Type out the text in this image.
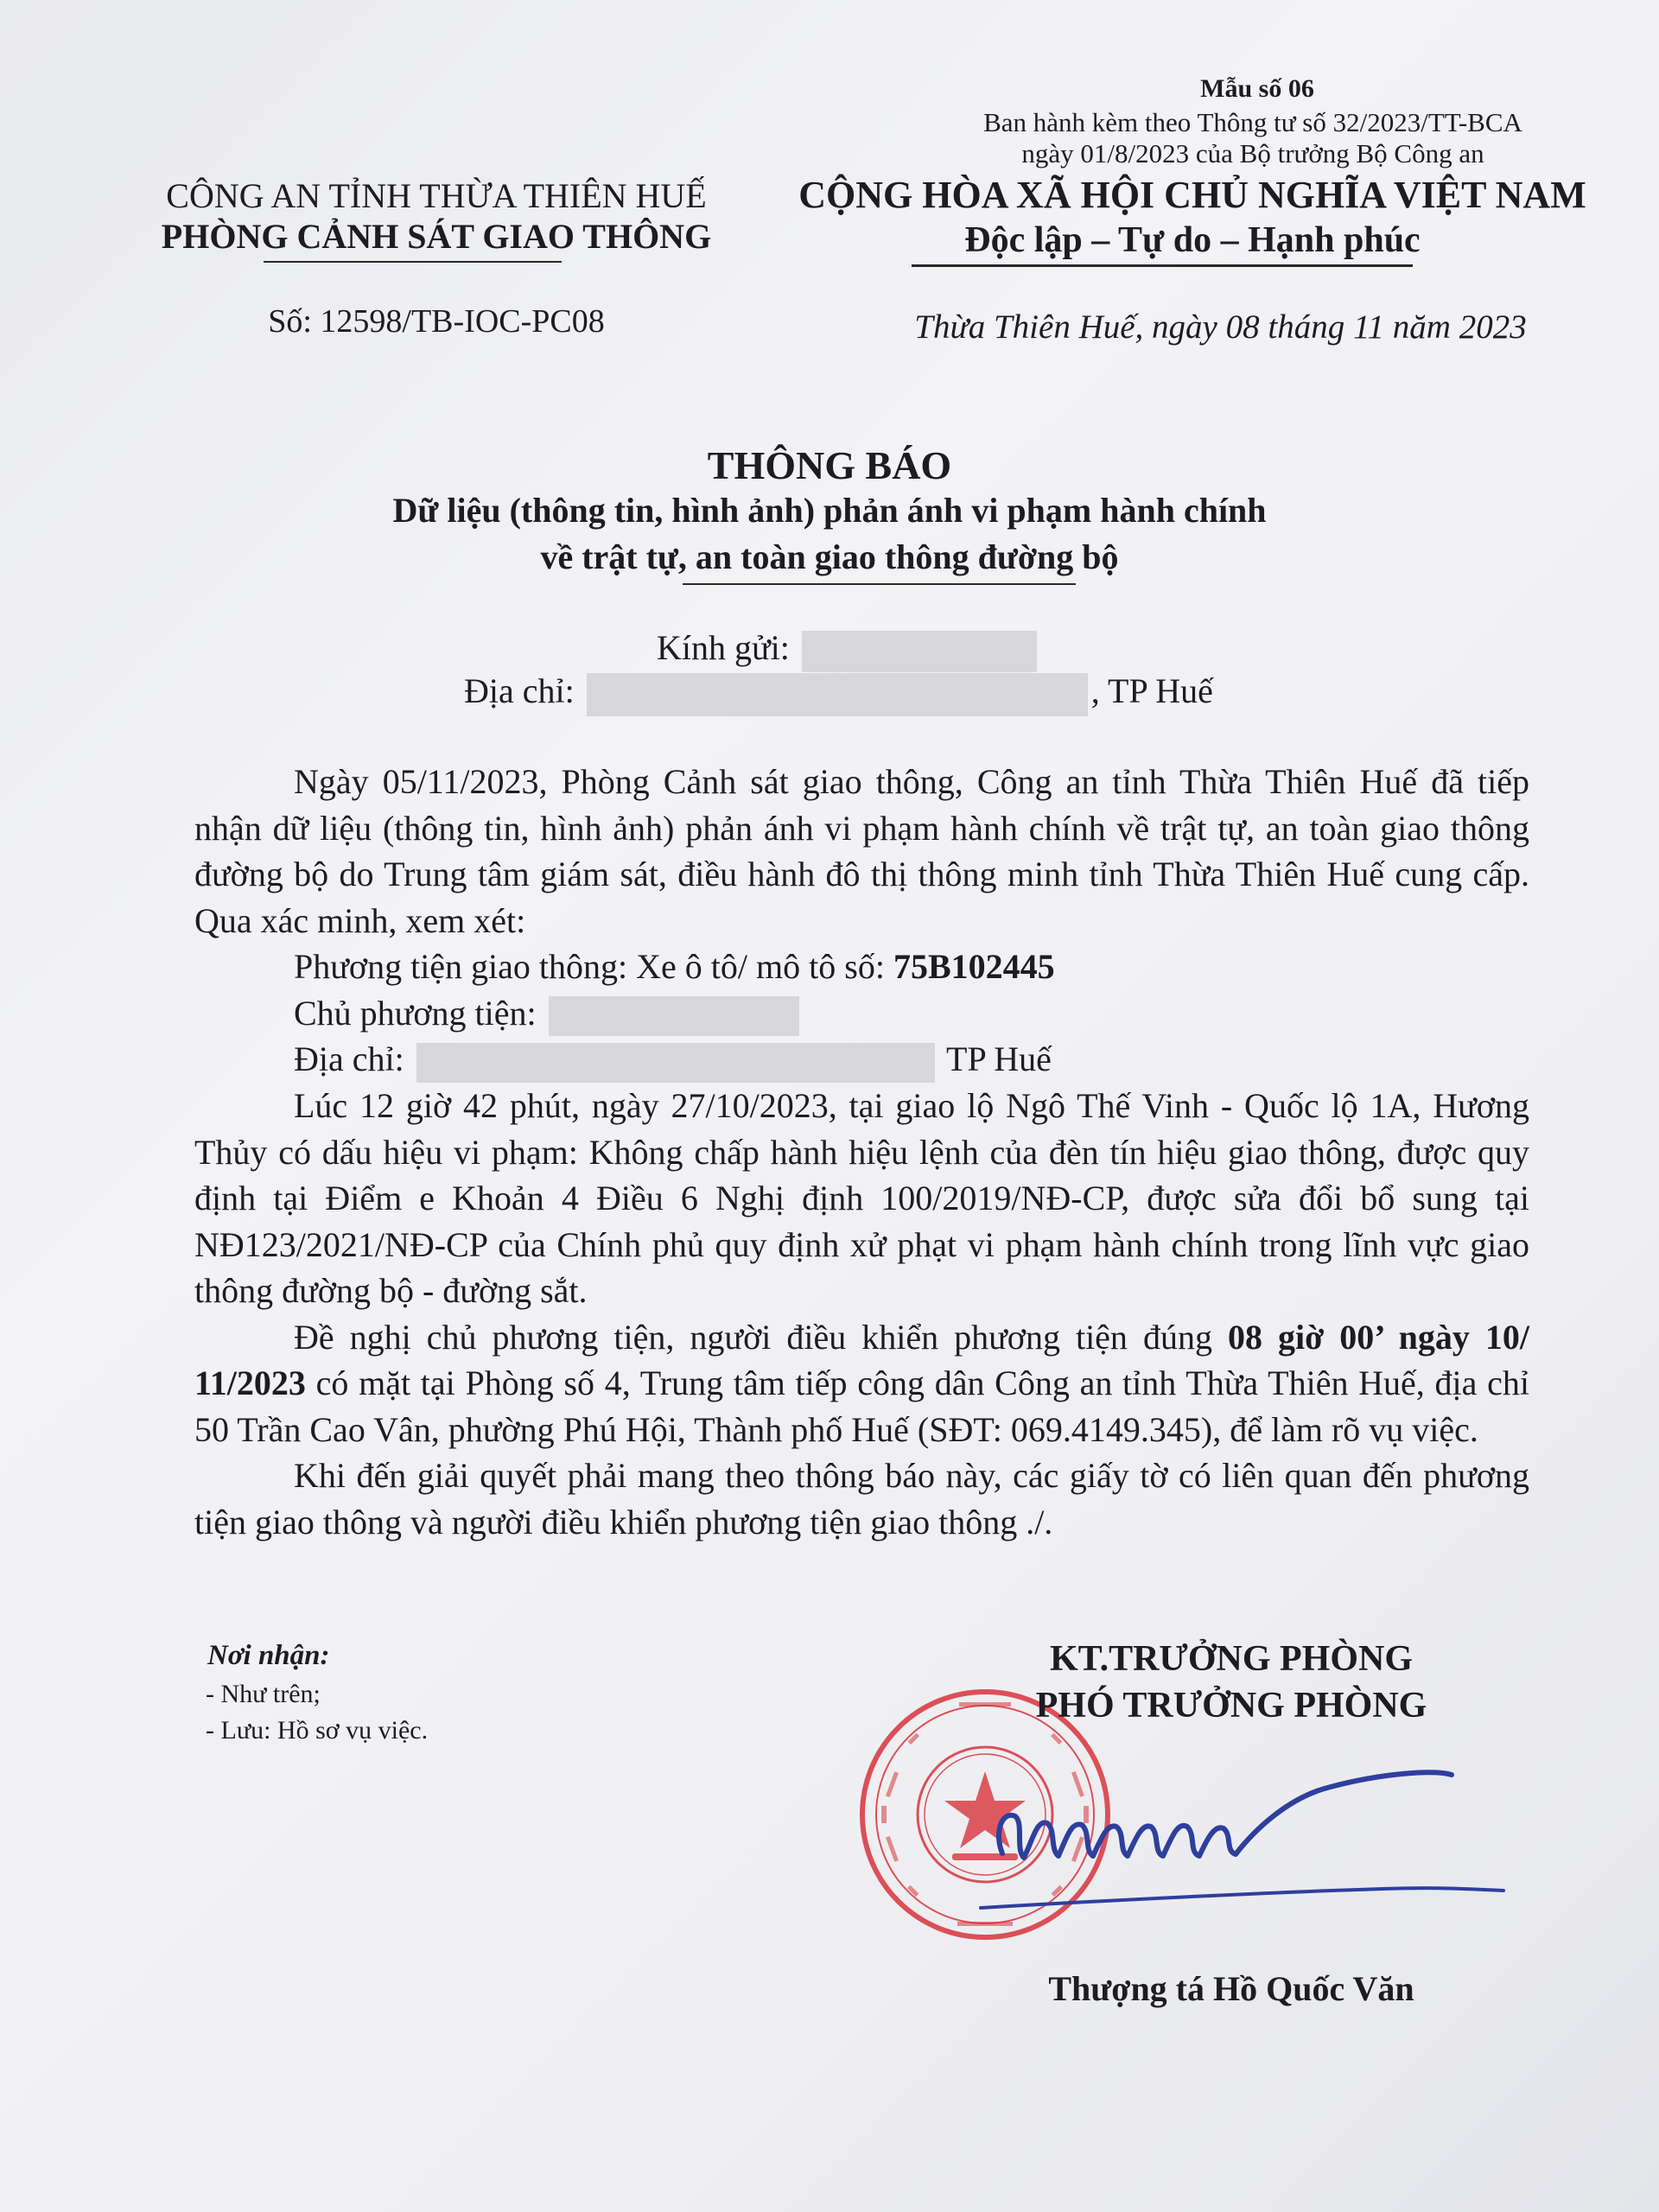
Mẫu số 06
Ban hành kèm theo Thông tư số 32/2023/TT-BCA
ngày 01/8/2023 của Bộ trưởng Bộ Công an
CÔNG AN TỈNH THỪA THIÊN HUẾ
PHÒNG CẢNH SÁT GIAO THÔNG
CỘNG HÒA XÃ HỘI CHỦ NGHĨA VIỆT NAM
Độc lập – Tự do – Hạnh phúc
Số: 12598/TB-IOC-PC08	Thừa Thiên Huế, ngày 08 tháng 11 năm 2023
THÔNG BÁO
Dữ liệu (thông tin, hình ảnh) phản ánh vi phạm hành chính
về trật tự, an toàn giao thông đường bộ
Kính gửi:
Địa chỉ:	, TP Huế

Ngày 05/11/2023, Phòng Cảnh sát giao thông, Công an tỉnh Thừa Thiên Huế đã tiếp nhận dữ liệu (thông tin, hình ảnh) phản ánh vi phạm hành chính về trật tự, an toàn giao thông đường bộ do Trung tâm giám sát, điều hành đô thị thông minh tỉnh Thừa Thiên Huế cung cấp. Qua xác minh, xem xét:

Phương tiện giao thông: Xe ô tô/ mô tô số: 75B102445

Chủ phương tiện:

Địa chỉ:	TP Huế

Lúc 12 giờ 42 phút, ngày 27/10/2023, tại giao lộ Ngô Thế Vinh - Quốc lộ 1A, Hương Thủy có dấu hiệu vi phạm: Không chấp hành hiệu lệnh của đèn tín hiệu giao thông, được quy định tại Điểm e Khoản 4 Điều 6 Nghị định 100/2019/NĐ-CP, được sửa đổi bổ sung tại NĐ123/2021/NĐ-CP của Chính phủ quy định xử phạt vi phạm hành chính trong lĩnh vực giao thông đường bộ - đường sắt.

Đề nghị chủ phương tiện, người điều khiển phương tiện đúng 08 giờ 00’ ngày 10/ 11/2023 có mặt tại Phòng số 4, Trung tâm tiếp công dân Công an tỉnh Thừa Thiên Huế, địa chỉ 50 Trần Cao Vân, phường Phú Hội, Thành phố Huế (SĐT: 069.4149.345), để làm rõ vụ việc.

Khi đến giải quyết phải mang theo thông báo này, các giấy tờ có liên quan đến phương tiện giao thông và người điều khiển phương tiện giao thông ./.

Nơi nhận:
- Như trên;
- Lưu: Hồ sơ vụ việc.
KT.TRƯỞNG PHÒNG
PHÓ TRƯỞNG PHÒNG
Thượng tá Hồ Quốc Văn
